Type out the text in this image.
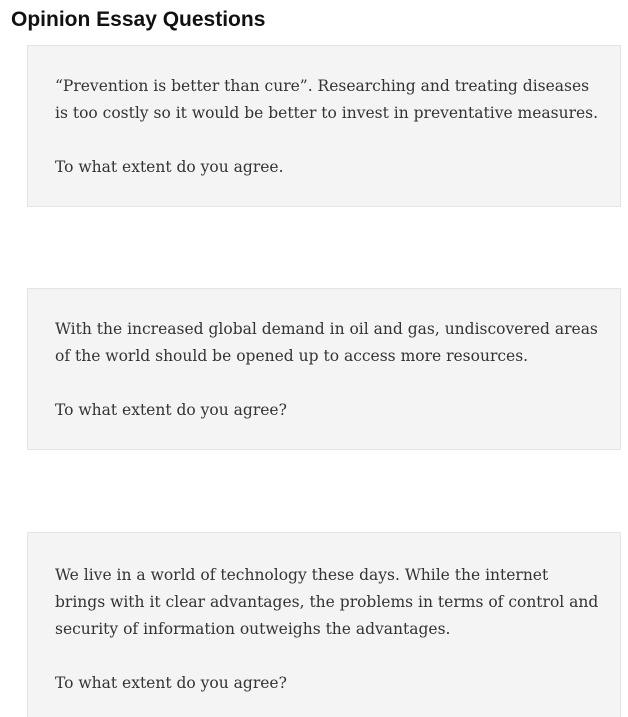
Opinion Essay Questions

“Prevention is better than cure”. Researching and treating diseases is too costly so it would be better to invest in preventative measures.

To what extent do you agree.

With the increased global demand in oil and gas, undiscovered areas of the world should be opened up to access more resources.

To what extent do you agree?

We live in a world of technology these days. While the internet brings with it clear advantages, the problems in terms of control and security of information outweighs the advantages.

To what extent do you agree?
